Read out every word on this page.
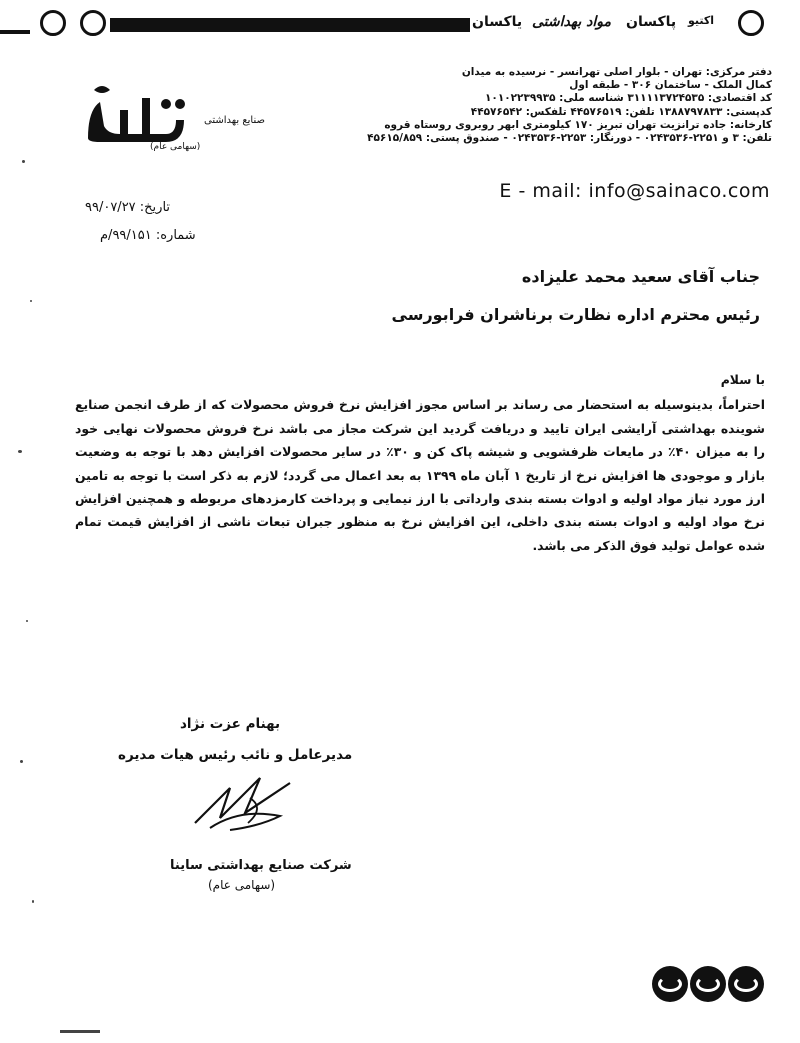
یاکسان مواد بهداشتی پاکسان اکتیو
صنایع بهداشتی
(سهامی عام)
دفتر مرکزی: تهران - بلوار اصلی تهرانسر - نرسیده به میدان
کمال الملک - ساختمان ۳۰۶ - طبقه اول
کد اقتصادی: ۳۱۱۱۱۳۷۲۴۵۳۵ شناسه ملی: ۱۰۱۰۲۲۳۹۹۳۵
کدپستی: ۱۳۸۸۷۹۷۸۳۳ تلفن: ۴۴۵۷۶۵۱۹ تلفکس: ۴۴۵۷۶۵۴۲
کارخانه: جاده ترانزیت تهران تبریز ۱۷۰ کیلومتری ابهر روبروی روستاه قروه
تلفن: ۳ و ۲۲۵۱-۰۲۴۳۵۳۶ - دورنگار: ۲۲۵۳-۰۲۴۳۵۳۶ - صندوق پستی: ۴۵۶۱۵/۸۵۹
E - mail: info@sainaco.com
تاریخ: ۹۹/۰۷/۲۷
شماره: ۹۹/۱۵۱/م
جناب آقای سعید محمد علیزاده
رئیس محترم اداره نظارت برناشران فرابورسی

با سلام

احتراماً، بدینوسیله به استحضار می رساند بر اساس مجوز افزایش نرخ فروش محصولات که از طرف انجمن صنایع شوینده بهداشتی آرایشی ایران تایید و دریافت گردید این شرکت مجاز می باشد نرخ فروش محصولات نهایی خود را به میزان ۴۰٪ در مایعات ظرفشویی و شیشه پاک کن و ۳۰٪ در سایر محصولات افزایش دهد با توجه به وضعیت بازار و موجودی ها افزایش نرخ از تاریخ ۱ آبان ماه ۱۳۹۹ به بعد اعمال می گردد؛ لازم به ذکر است با توجه به تامین ارز مورد نیاز مواد اولیه و ادوات بسته بندی وارداتی با ارز نیمایی و پرداخت کارمزدهای مربوطه و همچنین افزایش نرخ مواد اولیه و ادوات بسته بندی داخلی، این افزایش نرخ به منظور جبران تبعات ناشی از افزایش قیمت تمام شده عوامل تولید فوق الذکر می باشد.

بهنام عزت نژاد
مدیرعامل و نائب رئیس هیات مدیره
شرکت صنایع بهداشتی ساینا
(سهامی عام)
